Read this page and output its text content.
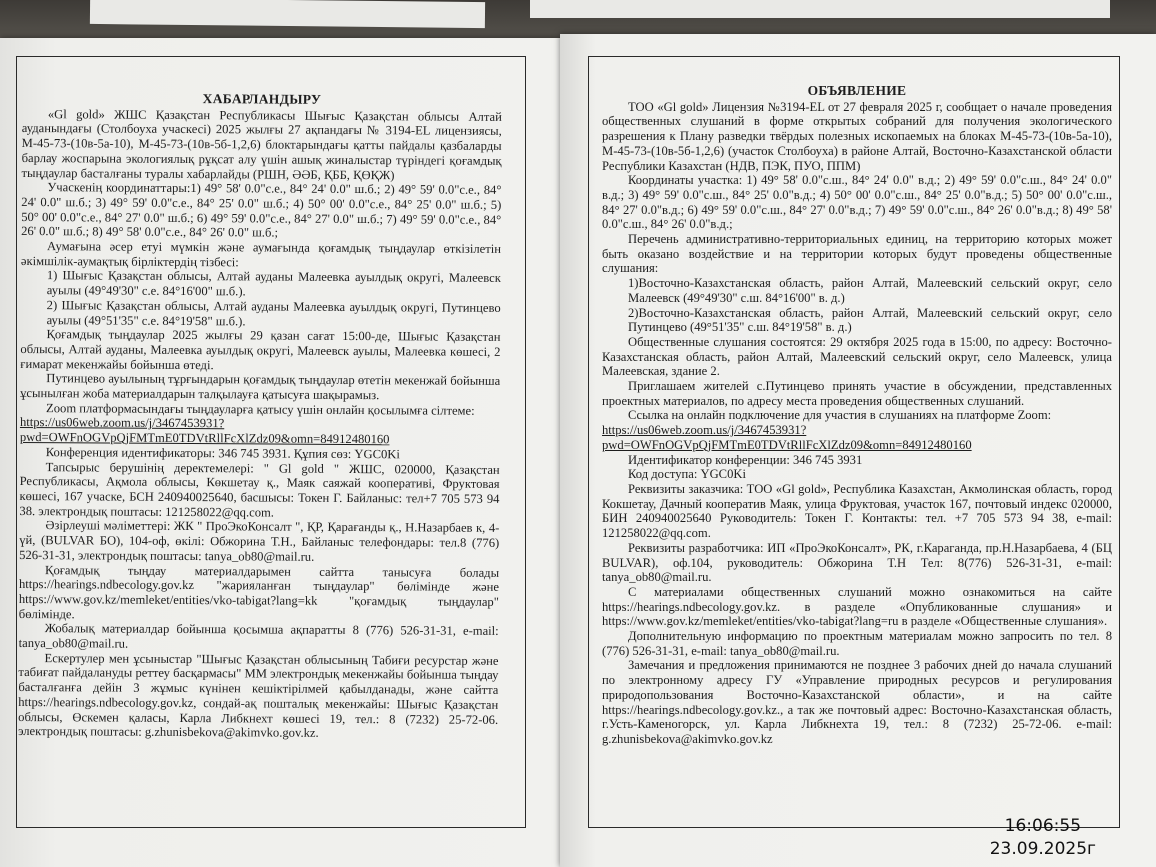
ХАБАРЛАНДЫРУ

«Gl gold» ЖШС Қазақстан Республикасы Шығыс Қазақстан облысы Алтай ауданындағы (Столбоуха учаскесі) 2025 жылғы 27 ақпандағы № 3194-EL лицензиясы, М-45-73-(10в-5а-10), М-45-73-(10в-5б-1,2,6) блоктарындағы қатты пайдалы қазбаларды барлау жоспарына экологиялық рұқсат алу үшін ашық жиналыстар түріндегі қоғамдық тыңдаулар басталғаны туралы хабарлайды (РШН, ӘӘБ, ҚББ, ҚӨҚЖ)

Учаскенің координаттары:1) 49° 58' 0.0"с.е., 84° 24' 0.0" ш.б.; 2) 49° 59' 0.0"с.е., 84° 24' 0.0" ш.б.; 3) 49° 59' 0.0"с.е., 84° 25' 0.0" ш.б.; 4) 50° 00' 0.0"с.е., 84° 25' 0.0" ш.б.; 5) 50° 00' 0.0"с.е., 84° 27' 0.0" ш.б.; 6) 49° 59' 0.0"с.е., 84° 27' 0.0" ш.б.; 7) 49° 59' 0.0"с.е., 84° 26' 0.0" ш.б.; 8) 49° 58' 0.0"с.е., 84° 26' 0.0" ш.б.;

Аумағына әсер етуі мүмкін және аумағында қоғамдық тыңдаулар өткізілетін әкімшілік-аумақтық бірліктердің тізбесі:

1) Шығыс Қазақстан облысы, Алтай ауданы Малеевка ауылдық округі, Малеевск ауылы (49°49'30" с.е. 84°16'00" ш.б.).

2) Шығыс Қазақстан облысы, Алтай ауданы Малеевка ауылдық округі, Путинцево ауылы (49°51'35" с.е. 84°19'58" ш.б.).

Қоғамдық тыңдаулар 2025 жылғы 29 қазан сағат 15:00-де, Шығыс Қазақстан облысы, Алтай ауданы, Малеевка ауылдық округі, Малеевск ауылы, Малеевка көшесі, 2 ғимарат мекенжайы бойынша өтеді.

Путинцево ауылының тұрғындарын қоғамдық тыңдаулар өтетін мекенжай бойынша ұсынылған жоба материалдарын талқылауға қатысуға шақырамыз.

Zoom платформасындағы тыңдауларға қатысу үшін онлайн қосылымға сілтеме:

https://us06web.zoom.us/j/3467453931?pwd=OWFnOGVpQjFMTmE0TDVtRllFcXlZdz09&omn=84912480160

Конференция идентификаторы: 346 745 3931. Құпия сөз: YGC0Ki

Тапсырыс берушінің деректемелері: " Gl gold " ЖШС, 020000, Қазақстан Республикасы, Ақмола облысы, Көкшетау қ., Маяк саяжай кооперативі, Фруктовая көшесі, 167 учаске, БСН 240940025640, басшысы: Токен Г. Байланыс: тел+7 705 573 94 38. электрондық поштасы: 121258022@qq.com.

Әзірлеуші мәліметтері: ЖК " ПроЭкоКонсалт ", ҚР, Қарағанды қ., Н.Назарбаев к, 4-үй, (BULVAR БО), 104-оф, өкілі: Обжорина Т.Н., Байланыс телефондары: тел.8 (776) 526-31-31, электрондық поштасы: tanya_ob80@mail.ru.

Қоғамдық тыңдау материалдарымен сайтта танысуға болады https://hearings.ndbecology.gov.kz "жарияланған тыңдаулар" бөлімінде және https://www.gov.kz/memleket/entities/vko-tabigat?lang=kk "қоғамдық тыңдаулар" бөлімінде.

Жобалық материалдар бойынша қосымша ақпаратты 8 (776) 526-31-31, e-mail: tanya_ob80@mail.ru.

Ескертулер мен ұсыныстар "Шығыс Қазақстан облысының Табиғи ресурстар және табиғат пайдалануды реттеу басқармасы" ММ электрондық мекенжайы бойынша тыңдау басталғанға дейін 3 жұмыс күнінен кешіктірілмей қабылданады, және сайтта https://hearings.ndbecology.gov.kz, сондай-ақ пошталық мекенжайы: Шығыс Қазақстан облысы, Өскемен қаласы, Карла Либкнехт көшесі 19, тел.: 8 (7232) 25-72-06. электрондық поштасы: g.zhunisbekova@akimvko.gov.kz.

ОБЪЯВЛЕНИЕ

ТОО «Gl gold» Лицензия №3194-EL от 27 февраля 2025 г, сообщает о начале проведения общественных слушаний в форме открытых собраний для получения экологического разрешения к Плану разведки твёрдых полезных ископаемых на блоках М-45-73-(10в-5а-10), М-45-73-(10в-5б-1,2,6) (участок Столбоуха) в районе Алтай, Восточно-Казахстанской области Республики Казахстан (НДВ, ПЭК, ПУО, ППМ)

Координаты участка: 1) 49° 58' 0.0"с.ш., 84° 24' 0.0" в.д.; 2) 49° 59' 0.0"с.ш., 84° 24' 0.0" в.д.; 3) 49° 59' 0.0"с.ш., 84° 25' 0.0"в.д.; 4) 50° 00' 0.0"с.ш., 84° 25' 0.0"в.д.; 5) 50° 00' 0.0"с.ш., 84° 27' 0.0"в.д.; 6) 49° 59' 0.0"с.ш., 84° 27' 0.0"в.д.; 7) 49° 59' 0.0"с.ш., 84° 26' 0.0"в.д.; 8) 49° 58' 0.0"с.ш., 84° 26' 0.0"в.д.;

Перечень административно-территориальных единиц, на территорию которых может быть оказано воздействие и на территории которых будут проведены общественные слушания:

1)Восточно-Казахстанская область, район Алтай, Малеевский сельский округ, село Малеевск (49°49'30" с.ш. 84°16'00" в. д.)

2)Восточно-Казахстанская область, район Алтай, Малеевский сельский округ, село Путинцево (49°51'35" с.ш. 84°19'58" в. д.)

Общественные слушания состоятся: 29 октября 2025 года в 15:00, по адресу: Восточно-Казахстанская область, район Алтай, Малеевский сельский округ, село Малеевск, улица Малеевская, здание 2.

Приглашаем жителей с.Путинцево принять участие в обсуждении, представленных проектных материалов, по адресу места проведения общественных слушаний.

Ссылка на онлайн подключение для участия в слушаниях на платформе Zoom:

https://us06web.zoom.us/j/3467453931?pwd=OWFnOGVpQjFMTmE0TDVtRllFcXlZdz09&omn=84912480160

Идентификатор конференции: 346 745 3931

Код доступа: YGC0Ki

Реквизиты заказчика: ТОО «Gl gold», Республика Казахстан, Акмолинская область, город Кокшетау, Дачный кооператив Маяк, улица Фруктовая, участок 167, почтовый индекс 020000, БИН 240940025640 Руководитель: Токен Г. Контакты: тел. +7 705 573 94 38, e-mail: 121258022@qq.com.

Реквизиты разработчика: ИП «ПроЭкоКонсалт», РК, г.Караганда, пр.Н.Назарбаева, 4 (БЦ BULVAR), оф.104, руководитель: Обжорина Т.Н Тел: 8(776) 526-31-31, e-mail: tanya_ob80@mail.ru.

С материалами общественных слушаний можно ознакомиться на сайте https://hearings.ndbecology.gov.kz. в разделе «Опубликованные слушания» и https://www.gov.kz/memleket/entities/vko-tabigat?lang=ru в разделе «Общественные слушания».

Дополнительную информацию по проектным материалам можно запросить по тел. 8 (776) 526-31-31, e-mail: tanya_ob80@mail.ru.

Замечания и предложения принимаются не позднее 3 рабочих дней до начала слушаний по электронному адресу ГУ «Управление природных ресурсов и регулирования природопользования Восточно-Казахстанской области», и на сайте https://hearings.ndbecology.gov.kz., а так же почтовый адрес: Восточно-Казахстанская область, г.Усть-Каменогорск, ул. Карла Либкнехта 19, тел.: 8 (7232) 25-72-06. e-mail: g.zhunisbekova@akimvko.gov.kz

16:06:55
23.09.2025г
